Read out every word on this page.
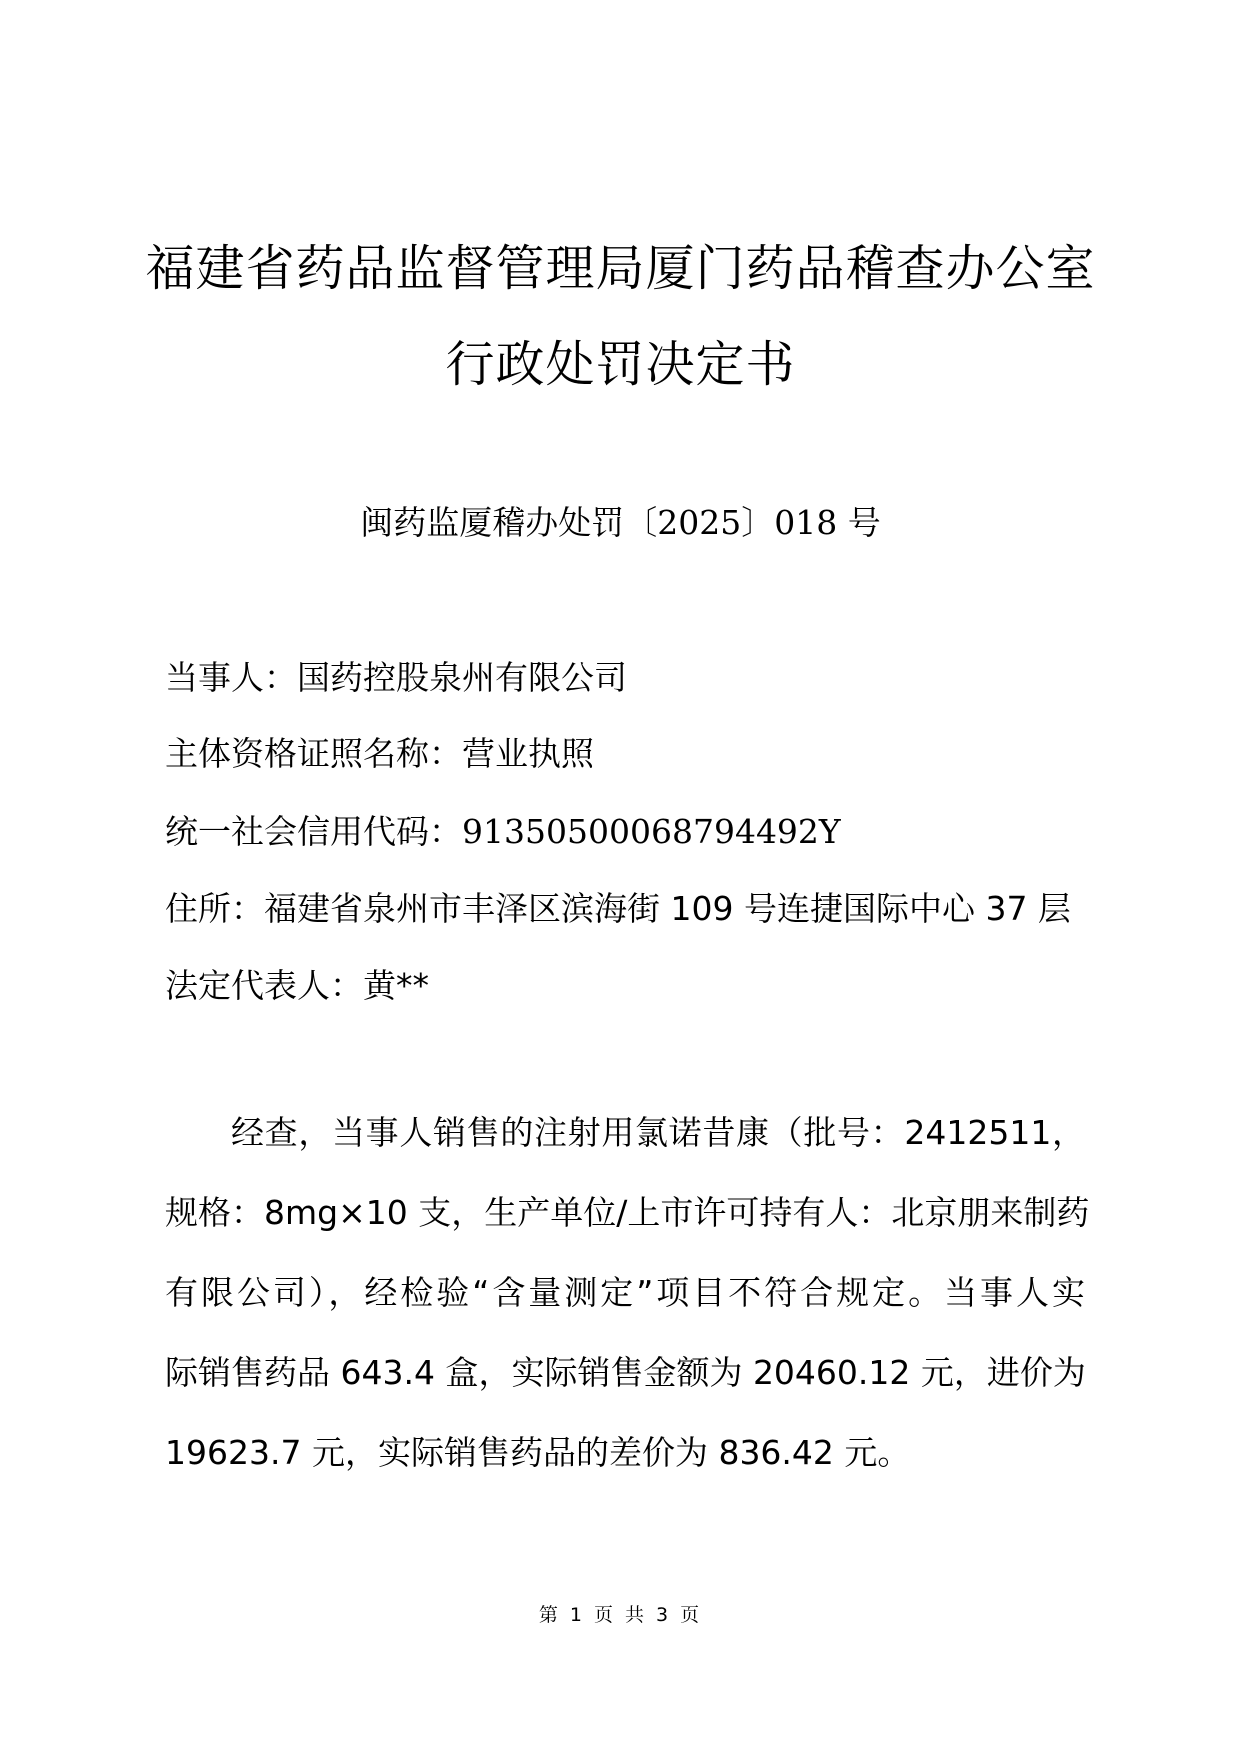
福建省药品监督管理局厦门药品稽查办公室
行政处罚决定书
闽药监厦稽办处罚〔2025〕018 号
当事人：国药控股泉州有限公司
主体资格证照名称：营业执照
统一社会信用代码：91350500068794492Y
住所：福建省泉州市丰泽区滨海街 109 号连捷国际中心 37 层
法定代表人：黄**
经查，当事人销售的注射用氯诺昔康（批号：2412511，
规格：8mg×10 支，生产单位/上市许可持有人：北京朋来制药
有限公司），经检验“含量测定”项目不符合规定。当事人实
际销售药品 643.4 盒，实际销售金额为 20460.12 元，进价为
19623.7 元，实际销售药品的差价为 836.42 元。
第 1 页 共 3 页
